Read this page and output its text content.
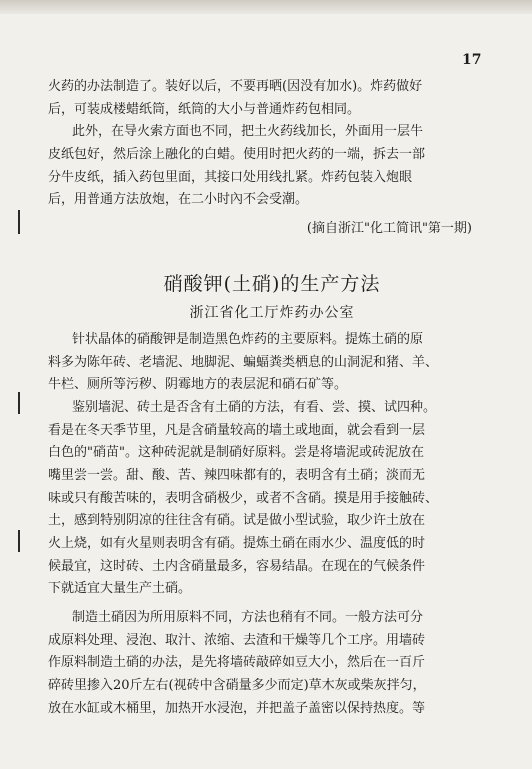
17
火药的办法制造了。装好以后，不要再晒(因没有加水)。炸药做好
后，可装成楼蜡纸筒，纸筒的大小与普通炸药包相同。
此外，在导火索方面也不同，把土火药线加长，外面用一层牛
皮纸包好，然后涂上融化的白蜡。使用时把火药的一端，拆去一部
分牛皮纸，插入药包里面，其接口处用线扎紧。炸药包装入炮眼
后，用普通方法放炮，在二小时內不会受潮。
(摘自浙江"化工简讯"第一期)
硝酸钾(土硝)的生产方法
浙江省化工厅炸药办公室
针状晶体的硝酸钾是制造黑色炸药的主要原料。提炼土硝的原
料多为陈年砖、老墙泥、地脚泥、蝙蝠粪类栖息的山洞泥和猪、羊、
牛栏、厕所等污秽、阴霉地方的表层泥和硝石矿等。
鉴别墙泥、砖土是否含有土硝的方法，有看、尝、摸、试四种。
看是在冬天季节里，凡是含硝量较高的墙土或地面，就会看到一层
白色的"硝苗"。这种砖泥就是制硝好原料。尝是将墙泥或砖泥放在
嘴里尝一尝。甜、酸、苦、辣四味都有的，表明含有土硝；淡而无
味或只有酸苦味的，表明含硝极少，或者不含硝。摸是用手接触砖、
土，感到特别阴凉的往往含有硝。试是做小型试验，取少许土放在
火上烧，如有火星则表明含有硝。提炼土硝在雨水少、温度低的时
候最宜，这时砖、土内含硝量最多，容易结晶。在现在的气候条件
下就适宜大量生产土硝。
制造土硝因为所用原料不同，方法也稍有不同。一般方法可分
成原料处理、浸泡、取汁、浓缩、去渣和干燥等几个工序。用墙砖
作原料制造土硝的办法，是先将墙砖敲碎如豆大小，然后在一百斤
碎砖里掺入20斤左右(视砖中含硝量多少而定)草木灰或柴灰拌匀，
放在水缸或木桶里，加热开水浸泡，并把盖子盖密以保持热度。等
